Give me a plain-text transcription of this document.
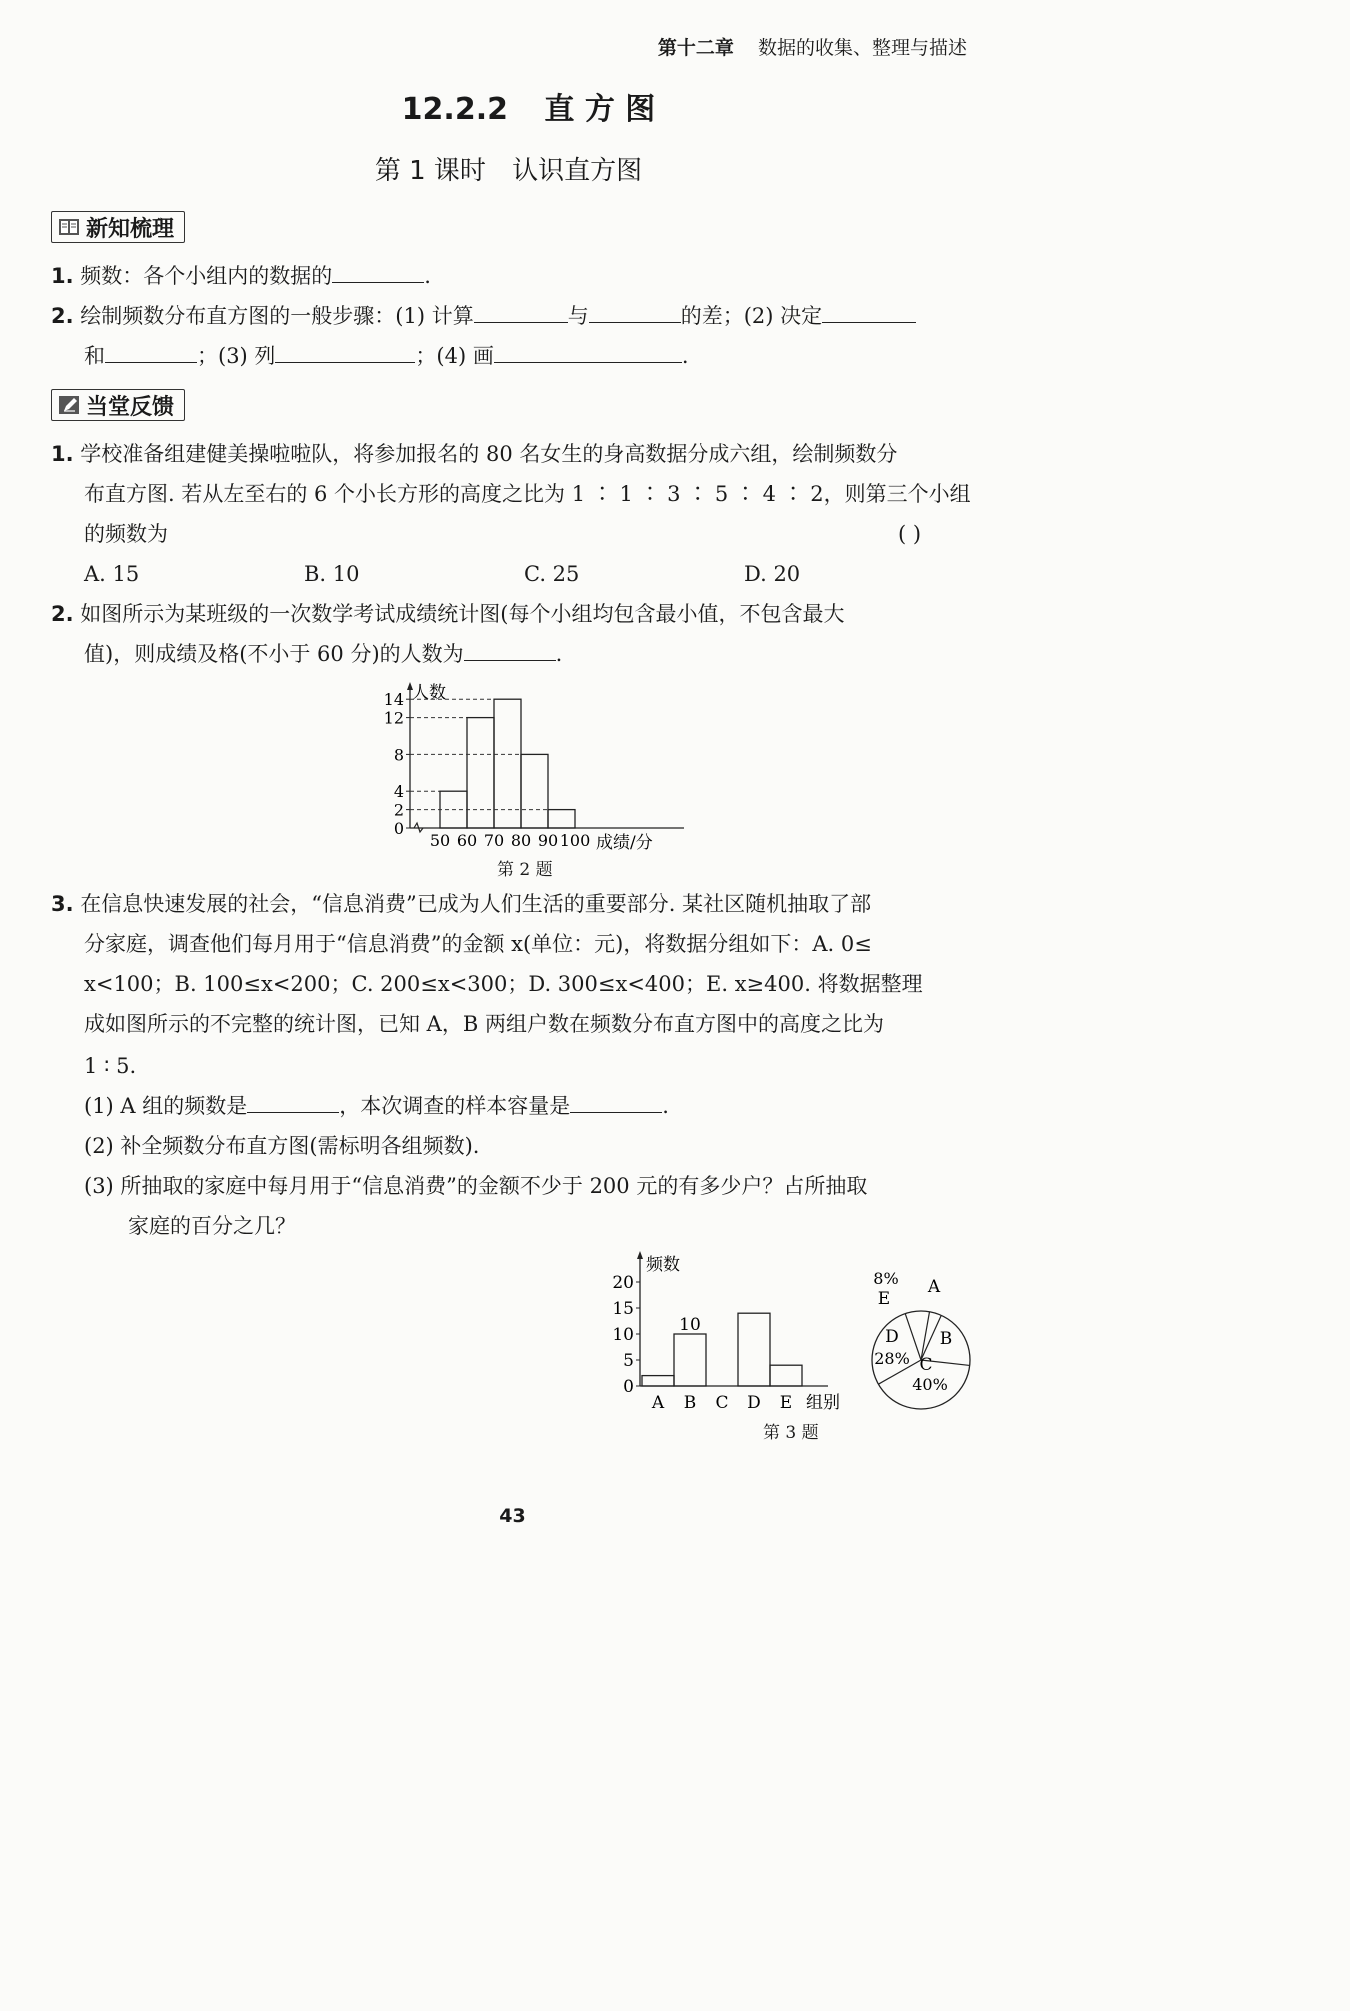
第十二章 数据的收集、整理与描述
12.2.2 直 方 图
第 1 课时 认识直方图
新知梳理
1. 频数：各个小组内的数据的	.
2. 绘制频数分布直方图的一般步骤：(1) 计算	与	的差；(2) 决定
和	；(3) 列	；(4) 画	.
当堂反馈
1. 学校准备组建健美操啦啦队，将参加报名的 80 名女生的身高数据分成六组，绘制频数分
布直方图. 若从左至右的 6 个小长方形的高度之比为 1 ∶ 1 ∶ 3 ∶ 5 ∶ 4 ∶ 2，则第三个小组
的频数为	( )
A. 15	B. 10	C. 25	D. 20
2. 如图所示为某班级的一次数学考试成绩统计图(每个小组均包含最小值，不包含最大
值)，则成绩及格(不小于 60 分)的人数为	.
人数
成绩/分
0
2
4
8
12
14
50 60 70 80 90 100
第 2 题
3. 在信息快速发展的社会，“信息消费”已成为人们生活的重要部分. 某社区随机抽取了部
分家庭，调查他们每月用于“信息消费”的金额 x(单位：元)，将数据分组如下：A. 0≤
x<100；B. 100≤x<200；C. 200≤x<300；D. 300≤x<400；E. x≥400. 将数据整理
成如图所示的不完整的统计图，已知 A，B 两组户数在频数分布直方图中的高度之比为
1 ∶ 5.
(1) A 组的频数是	，本次调查的样本容量是	.
(2) 补全频数分布直方图(需标明各组频数).
(3) 所抽取的家庭中每月用于“信息消费”的金额不少于 200 元的有多少户？占所抽取
家庭的百分之几？
频数
组别
10
0
5
10
15
20
A B C D E
A
B
C
D
E
40%
28%
8%
第 3 题
43
